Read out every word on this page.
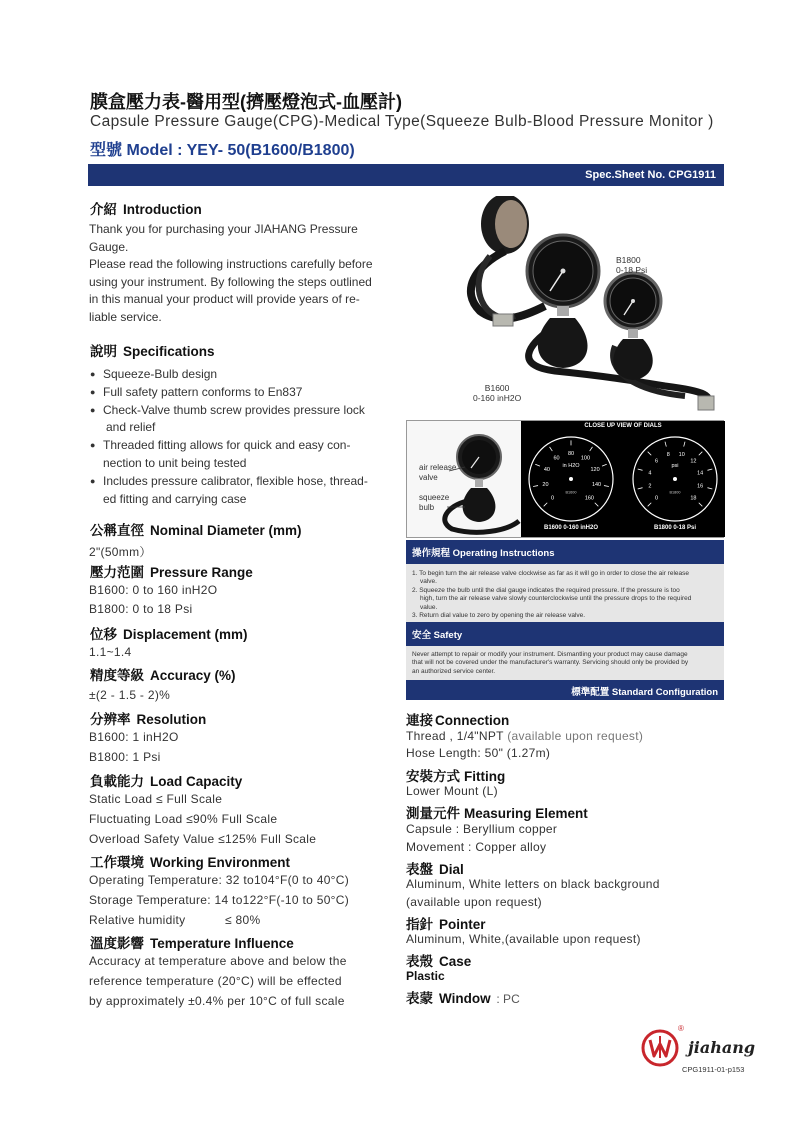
膜盒壓力表-醫用型(擠壓燈泡式-血壓計)
Capsule Pressure Gauge(CPG)-Medical Type(Squeeze Bulb-Blood Pressure Monitor )
型號 Model : YEY- 50(B1600/B1800)
Spec.Sheet No. CPG1911
介紹 Introduction
Thank you for purchasing your JIAHANG Pressure
Gauge.
Please read the following instructions carefully before
using your instrument. By following the steps outlined
in this manual your product will provide years of re-
liable service.
說明 Specifications
● Squeeze-Bulb design
● Full safety pattern conforms to En837
● Check-Valve thumb screw provides pressure lock
and relief
● Threaded fitting allows for quick and easy con-
nection to unit being tested
● Includes pressure calibrator, flexible hose, thread-
ed fitting and carrying case
公稱直徑 Nominal Diameter (mm)
2"(50mm）
壓力范圍 Pressure Range
B1600: 0 to 160 inH2O
B1800: 0 to 18 Psi
位移 Displacement (mm)
1.1~1.4
精度等級 Accuracy (%)
±(2 - 1.5 - 2)%
分辨率 Resolution
B1600: 1 inH2O
B1800: 1 Psi
負載能力 Load Capacity
Static Load ≤ Full Scale
Fluctuating Load ≤90% Full Scale
Overload Safety Value ≤125% Full Scale
工作環境 Working Environment
Operating Temperature: 32 to104°F(0 to 40°C)
Storage Temperature: 14 to122°F(-10 to 50°C)
Relative humidity	≤ 80%
溫度影響 Temperature Influence
Accuracy at temperature above and below the
reference temperature (20°C) will be effected
by approximately ±0.4% per 10°C of full scale
B1800
0-18 Psi
B1600
0-160 inH2O
air release
valve
squeeze
bulb
CLOSE UP VIEW OF DIALS
0
20
40
60
80
100
120
140
160
in H2O
B1600
0
2
4
6
8 10
12
14
16
18
psi
B1800
B1600 0-160 inH2O	B1800 0-18 Psi
操作規程 Operating Instructions
1. To begin turn the air release valve clockwise as far as it will go in order to close the air release
valve.
2. Squeeze the bulb until the dial gauge indicates the required pressure. If the pressure is too
high, turn the air release valve slowly counterclockwise until the pressure drops to the required
value.
3. Return dial value to zero by opening the air release valve.
安全 Safety
Never attempt to repair or modify your instrument. Dismantling your product may cause damage
that will not be covered under the manufacturer's warranty. Servicing should only be provided by
an authorized service center.
標準配置 Standard Configuration
連接 Connection
Thread , 1/4"NPT (available upon request)
Hose Length: 50" (1.27m)
安裝方式 Fitting
Lower Mount (L)
測量元件 Measuring Element
Capsule : Beryllium copper
Movement : Copper alloy
表盤 Dial
Aluminum, White letters on black background
(available upon request)
指針 Pointer
Aluminum, White,(available upon request)
表殼 Case
Plastic
表蒙 Window : PC
®
jiahang
CPG1911-01-p153
